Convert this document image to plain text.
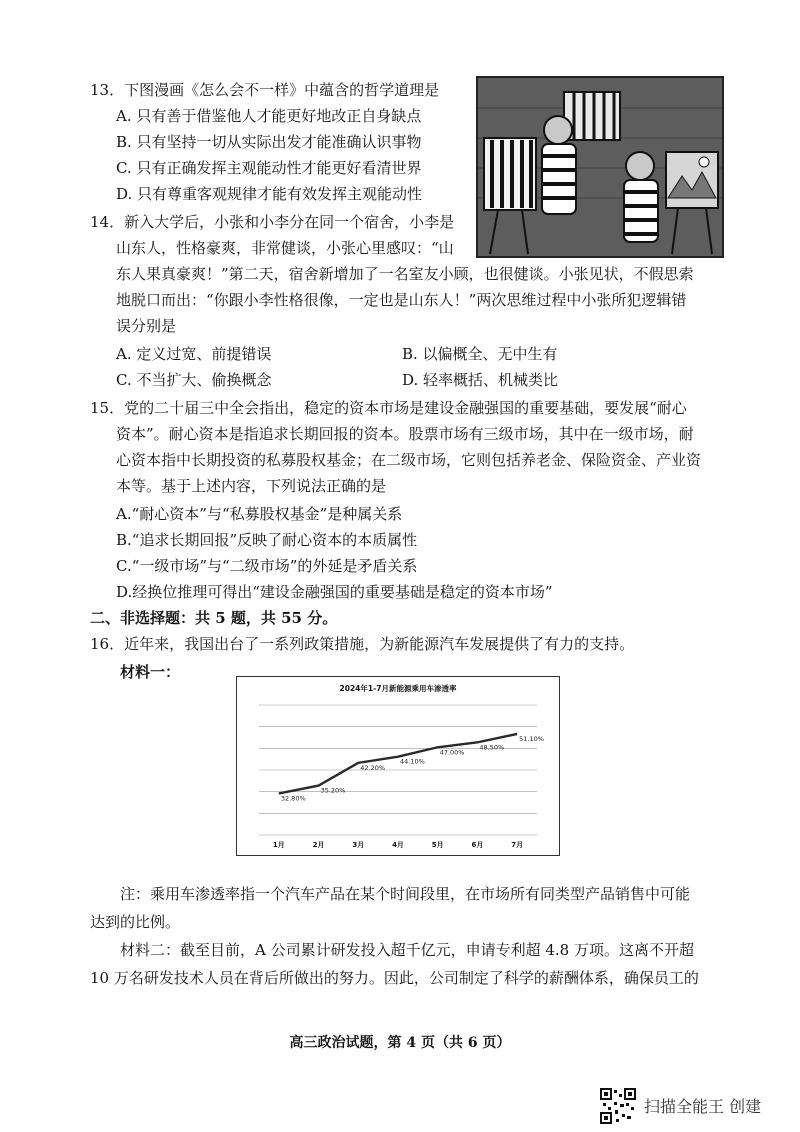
13．下图漫画《怎么会不一样》中蕴含的哲学道理是
A. 只有善于借鉴他人才能更好地改正自身缺点
B. 只有坚持一切从实际出发才能准确认识事物
C. 只有正确发挥主观能动性才能更好看清世界
D. 只有尊重客观规律才能有效发挥主观能动性
14．新入大学后，小张和小李分在同一个宿舍，小李是
山东人，性格豪爽，非常健谈，小张心里感叹：“山
东人果真豪爽！”第二天，宿舍新增加了一名室友小顾，也很健谈。小张见状，不假思索
地脱口而出：“你跟小李性格很像，一定也是山东人！”两次思维过程中小张所犯逻辑错
误分别是
A. 定义过宽、前提错误	B. 以偏概全、无中生有
C. 不当扩大、偷换概念	D. 轻率概括、机械类比
15．党的二十届三中全会指出，稳定的资本市场是建设金融强国的重要基础，要发展“耐心
资本”。耐心资本是指追求长期回报的资本。股票市场有三级市场，其中在一级市场，耐
心资本指中长期投资的私募股权基金；在二级市场，它则包括养老金、保险资金、产业资
本等。基于上述内容，下列说法正确的是
A.“耐心资本”与“私募股权基金”是种属关系
B.“追求长期回报”反映了耐心资本的本质属性
C.“一级市场”与“二级市场”的外延是矛盾关系
D.经换位推理可得出“建设金融强国的重要基础是稳定的资本市场”
二、非选择题：共 5 题，共 55 分。
16．近年来，我国出台了一系列政策措施，为新能源汽车发展提供了有力的支持。
材料一：
2024年1-7月新能源乘用车渗透率
32.80%
35.20%
42.20%
44.10%
47.00%
48.50%
51.10%
1月	2月	3月	4月	5月	6月	7月
注：乘用车渗透率指一个汽车产品在某个时间段里，在市场所有同类型产品销售中可能
达到的比例。
材料二：截至目前，A 公司累计研发投入超千亿元，申请专利超 4.8 万项。这离不开超
10 万名研发技术人员在背后所做出的努力。因此，公司制定了科学的薪酬体系，确保员工的
高三政治试题，第 4 页（共 6 页）
扫描全能王 创建
